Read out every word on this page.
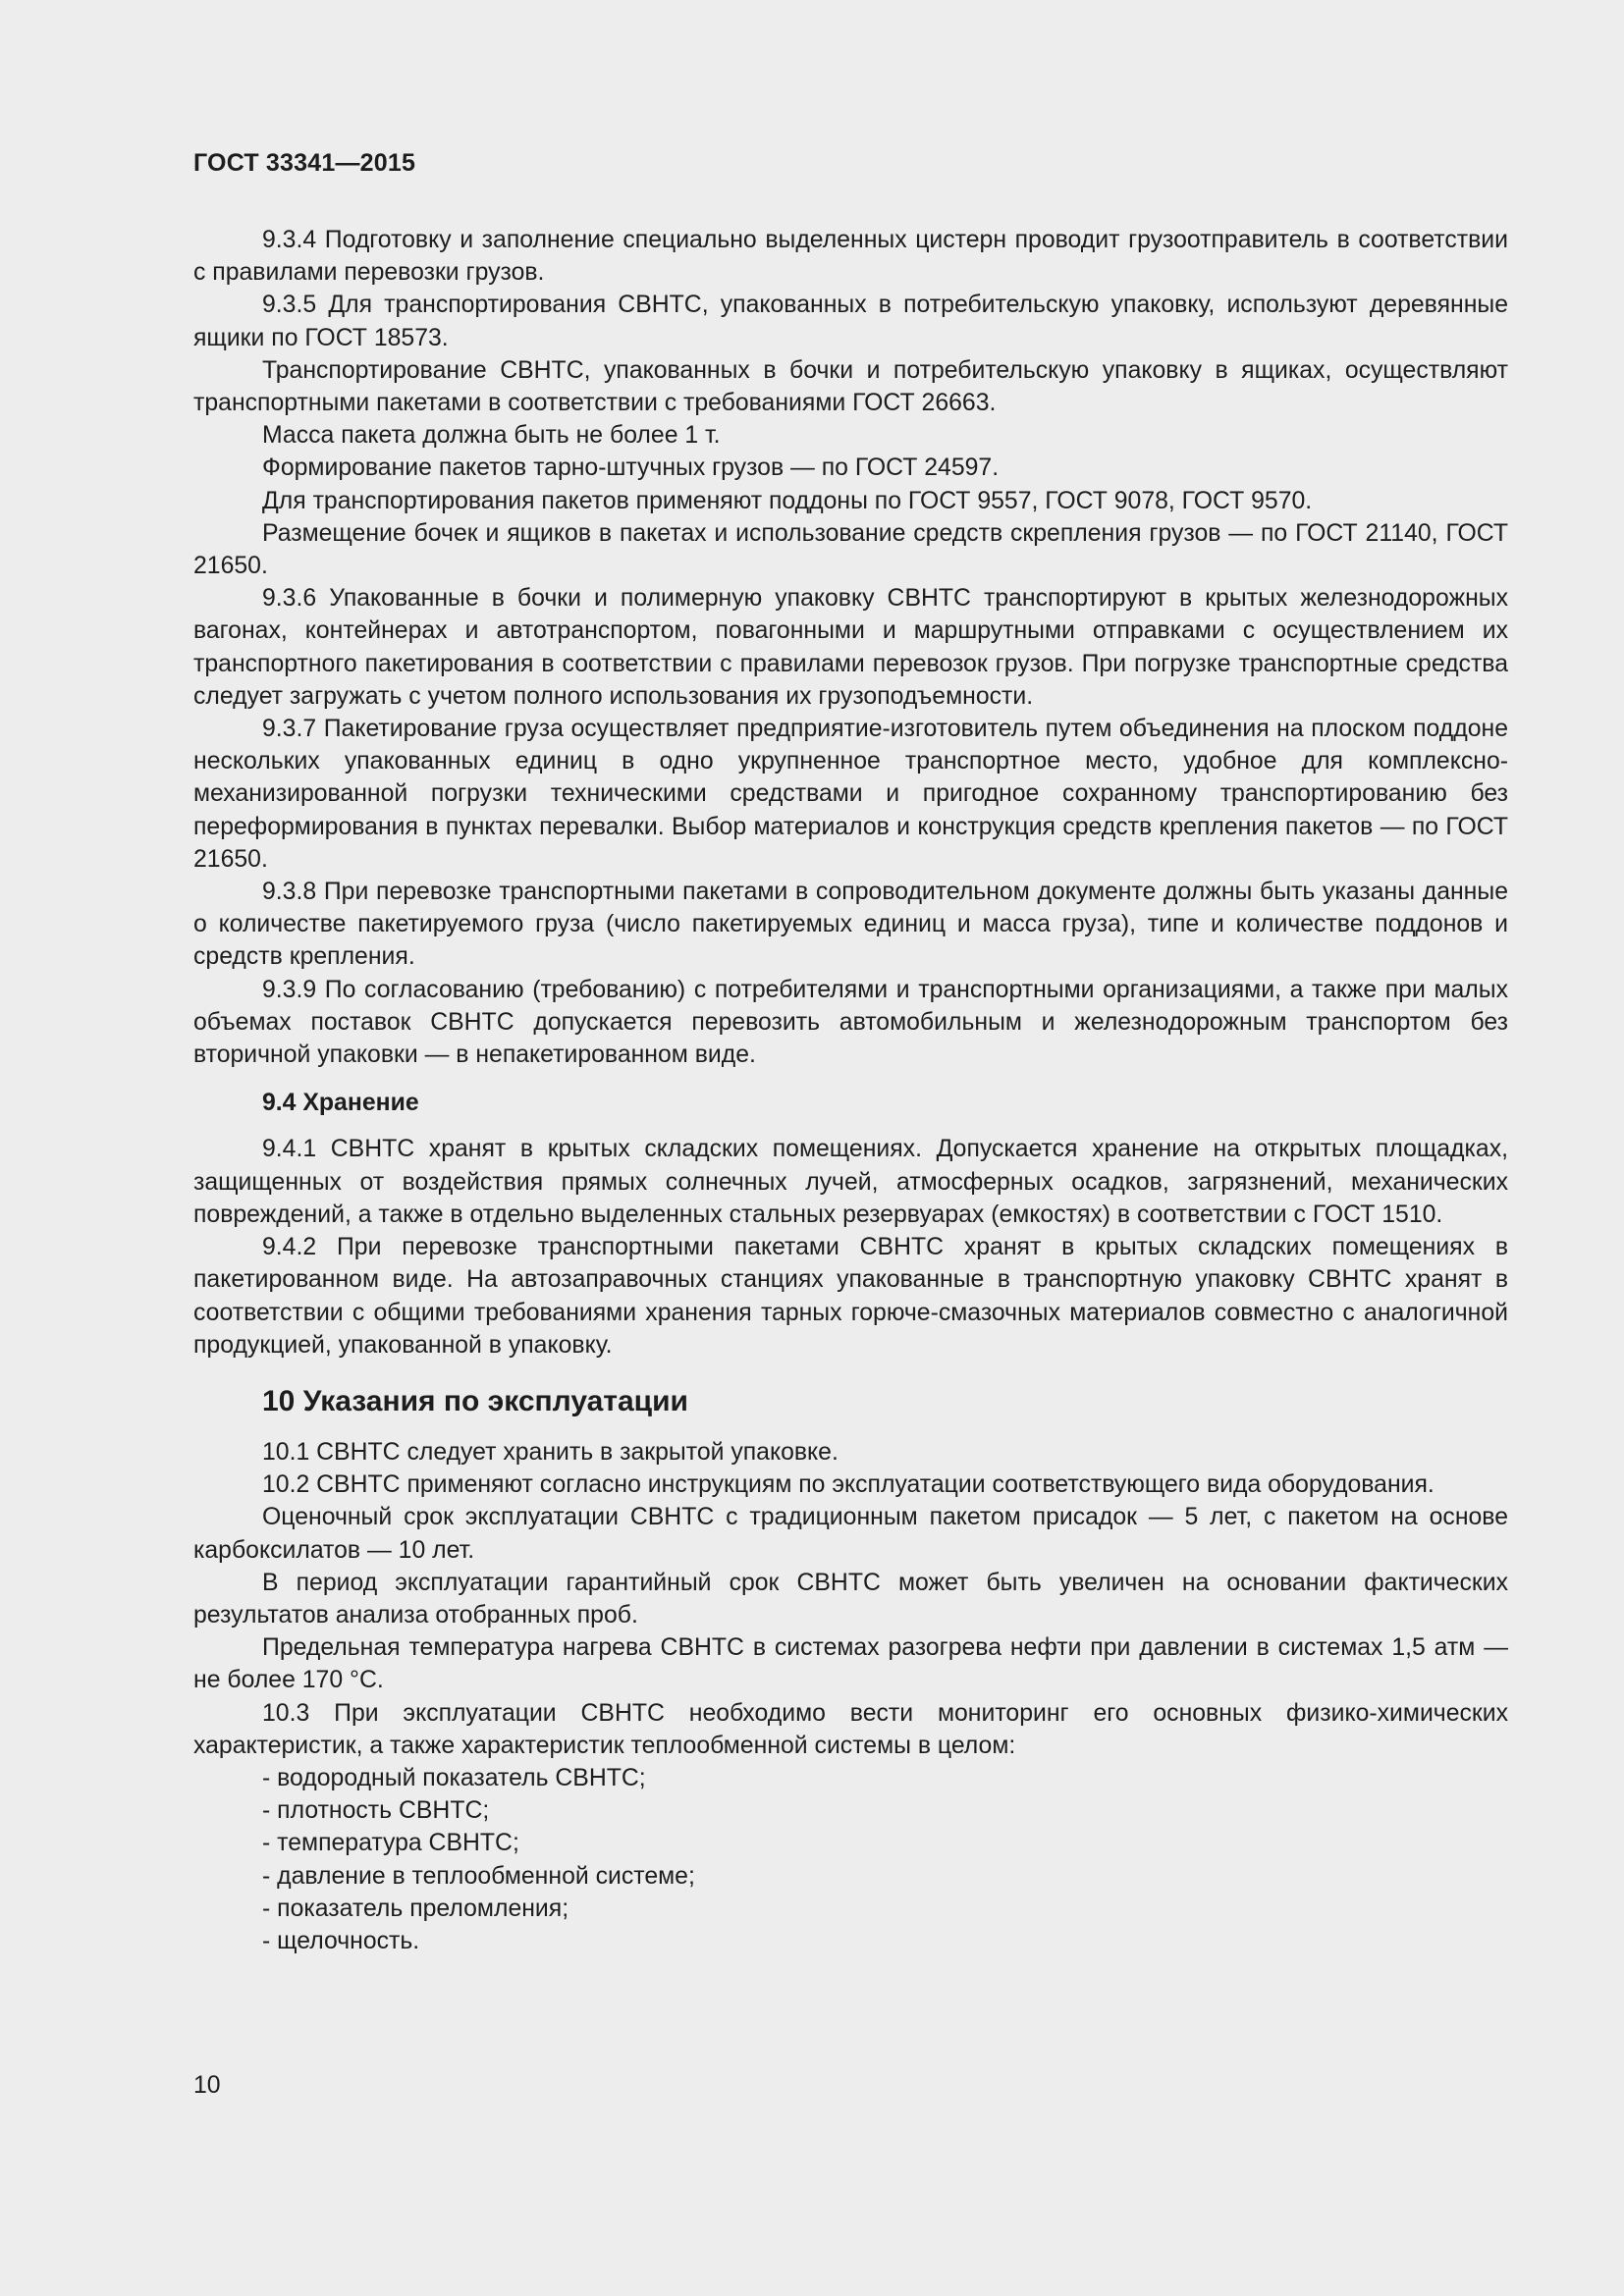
ГОСТ 33341—2015

9.3.4 Подготовку и заполнение специально выделенных цистерн проводит грузоотправитель в соответствии с правилами перевозки грузов.

9.3.5 Для транспортирования СВНТС, упакованных в потребительскую упаковку, используют деревянные ящики по ГОСТ 18573.

Транспортирование СВНТС, упакованных в бочки и потребительскую упаковку в ящиках, осуществляют транспортными пакетами в соответствии с требованиями ГОСТ 26663.

Масса пакета должна быть не более 1 т.

Формирование пакетов тарно-штучных грузов — по ГОСТ 24597.

Для транспортирования пакетов применяют поддоны по ГОСТ 9557, ГОСТ 9078, ГОСТ 9570.

Размещение бочек и ящиков в пакетах и использование средств скрепления грузов — по ГОСТ 21140, ГОСТ 21650.

9.3.6 Упакованные в бочки и полимерную упаковку СВНТС транспортируют в крытых железнодорожных вагонах, контейнерах и автотранспортом, повагонными и маршрутными отправками с осуществлением их транспортного пакетирования в соответствии с правилами перевозок грузов. При погрузке транспортные средства следует загружать с учетом полного использования их грузоподъемности.

9.3.7 Пакетирование груза осуществляет предприятие-изготовитель путем объединения на плоском поддоне нескольких упакованных единиц в одно укрупненное транспортное место, удобное для комплексно-механизированной погрузки техническими средствами и пригодное сохранному транспортированию без переформирования в пунктах перевалки. Выбор материалов и конструкция средств крепления пакетов — по ГОСТ 21650.

9.3.8 При перевозке транспортными пакетами в сопроводительном документе должны быть указаны данные о количестве пакетируемого груза (число пакетируемых единиц и масса груза), типе и количестве поддонов и средств крепления.

9.3.9 По согласованию (требованию) с потребителями и транспортными организациями, а также при малых объемах поставок СВНТС допускается перевозить автомобильным и железнодорожным транспортом без вторичной упаковки — в непакетированном виде.

9.4 Хранение

9.4.1 СВНТС хранят в крытых складских помещениях. Допускается хранение на открытых площадках, защищенных от воздействия прямых солнечных лучей, атмосферных осадков, загрязнений, механических повреждений, а также в отдельно выделенных стальных резервуарах (емкостях) в соответствии с ГОСТ 1510.

9.4.2 При перевозке транспортными пакетами СВНТС хранят в крытых складских помещениях в пакетированном виде. На автозаправочных станциях упакованные в транспортную упаковку СВНТС хранят в соответствии с общими требованиями хранения тарных горюче-смазочных материалов совместно с аналогичной продукцией, упакованной в упаковку.

10 Указания по эксплуатации

10.1 СВНТС следует хранить в закрытой упаковке.

10.2 СВНТС применяют согласно инструкциям по эксплуатации соответствующего вида оборудования.

Оценочный срок эксплуатации СВНТС с традиционным пакетом присадок — 5 лет, с пакетом на основе карбоксилатов — 10 лет.

В период эксплуатации гарантийный срок СВНТС может быть увеличен на основании фактических результатов анализа отобранных проб.

Предельная температура нагрева СВНТС в системах разогрева нефти при давлении в системах 1,5 атм — не более 170 °С.

10.3 При эксплуатации СВНТС необходимо вести мониторинг его основных физико-химических характеристик, а также характеристик теплообменной системы в целом:

- водородный показатель СВНТС;
- плотность СВНТС;
- температура СВНТС;
- давление в теплообменной системе;
- показатель преломления;
- щелочность.
10
